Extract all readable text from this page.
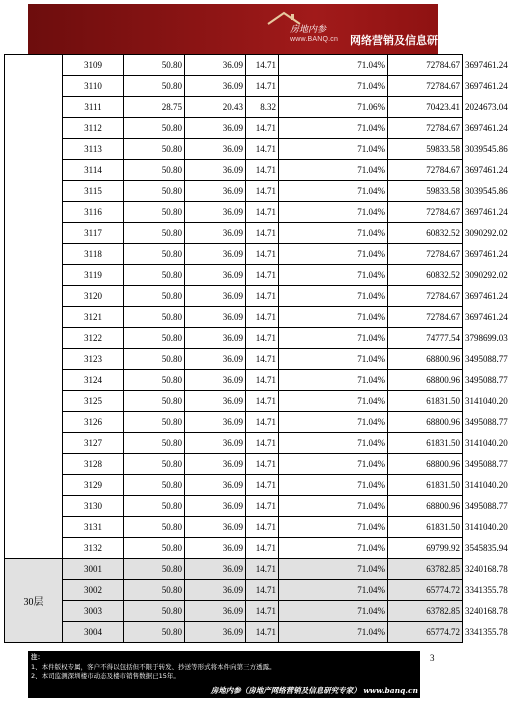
房地内参
www.BANQ.cn 网络营销及信息研究专家
	3109	50.80	36.09	14.71	71.04%	72784.67	3697461.24
	3110	50.80	36.09	14.71	71.04%	72784.67	3697461.24
	3111	28.75	20.43	8.32	71.06%	70423.41	2024673.04
	3112	50.80	36.09	14.71	71.04%	72784.67	3697461.24
	3113	50.80	36.09	14.71	71.04%	59833.58	3039545.86
	3114	50.80	36.09	14.71	71.04%	72784.67	3697461.24
	3115	50.80	36.09	14.71	71.04%	59833.58	3039545.86
	3116	50.80	36.09	14.71	71.04%	72784.67	3697461.24
	3117	50.80	36.09	14.71	71.04%	60832.52	3090292.02
	3118	50.80	36.09	14.71	71.04%	72784.67	3697461.24
	3119	50.80	36.09	14.71	71.04%	60832.52	3090292.02
	3120	50.80	36.09	14.71	71.04%	72784.67	3697461.24
	3121	50.80	36.09	14.71	71.04%	72784.67	3697461.24
	3122	50.80	36.09	14.71	71.04%	74777.54	3798699.03
	3123	50.80	36.09	14.71	71.04%	68800.96	3495088.77
	3124	50.80	36.09	14.71	71.04%	68800.96	3495088.77
	3125	50.80	36.09	14.71	71.04%	61831.50	3141040.20
	3126	50.80	36.09	14.71	71.04%	68800.96	3495088.77
	3127	50.80	36.09	14.71	71.04%	61831.50	3141040.20
	3128	50.80	36.09	14.71	71.04%	68800.96	3495088.77
	3129	50.80	36.09	14.71	71.04%	61831.50	3141040.20
	3130	50.80	36.09	14.71	71.04%	68800.96	3495088.77
	3131	50.80	36.09	14.71	71.04%	61831.50	3141040.20
	3132	50.80	36.09	14.71	71.04%	69799.92	3545835.94
30层	3001	50.80	36.09	14.71	71.04%	63782.85	3240168.78
	3002	50.80	36.09	14.71	71.04%	65774.72	3341355.78
	3003	50.80	36.09	14.71	71.04%	63782.85	3240168.78
	3004	50.80	36.09	14.71	71.04%	65774.72	3341355.78
注：
1、本件版权专属，客户不得以包括但不限于转发、抄送等形式将本件向第三方透露。
2、本司监测深圳楼市动态及楼市销售数据已15年。
3
房地内参（房地产网络营销及信息研究专家） www.banq.cn
